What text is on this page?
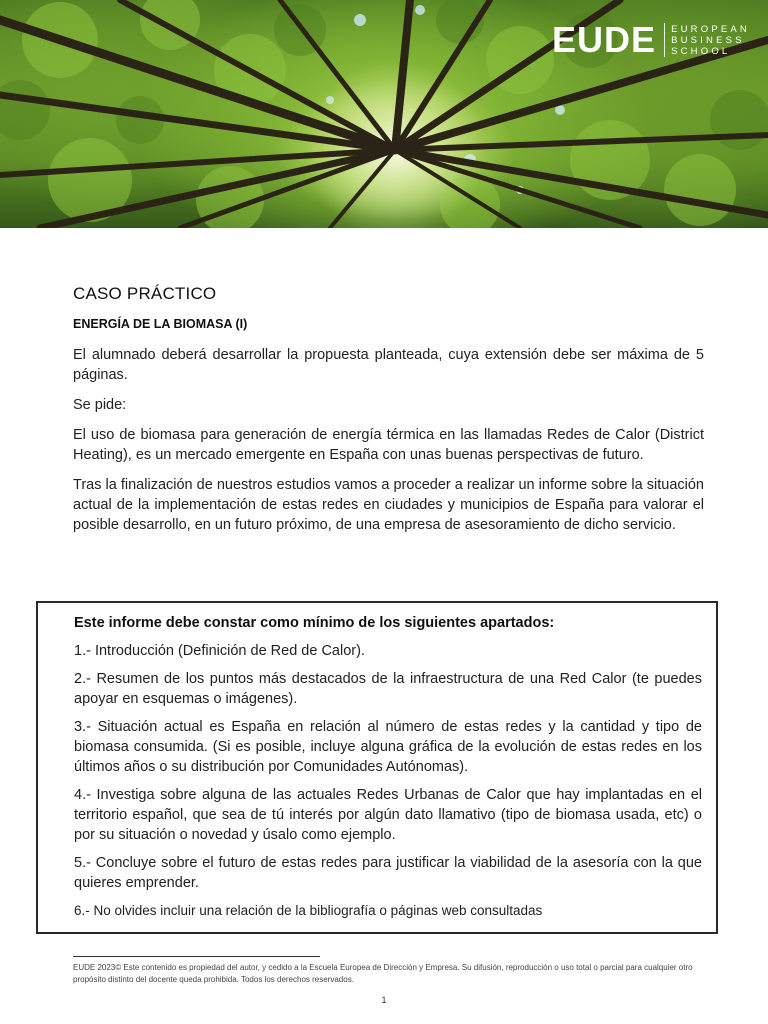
EUDE EUROPEAN
BUSINESS
SCHOOL
CASO PRÁCTICO
ENERGÍA DE LA BIOMASA (I)

El alumnado deberá desarrollar la propuesta planteada, cuya extensión debe ser máxima de 5 páginas.

Se pide:

El uso de biomasa para generación de energía térmica en las llamadas Redes de Calor (District Heating), es un mercado emergente en España con unas buenas perspectivas de futuro.

Tras la finalización de nuestros estudios vamos a proceder a realizar un informe sobre la situación actual de la implementación de estas redes en ciudades y municipios de España para valorar el posible desarrollo, en un futuro próximo, de una empresa de asesoramiento de dicho servicio.

Este informe debe constar como mínimo de los siguientes apartados:

1.- Introducción (Definición de Red de Calor).

2.- Resumen de los puntos más destacados de la infraestructura de una Red Calor (te puedes apoyar en esquemas o imágenes).

3.- Situación actual es España en relación al número de estas redes y la cantidad y tipo de biomasa consumida. (Si es posible, incluye alguna gráfica de la evolución de estas redes en los últimos años o su distribución por Comunidades Autónomas).

4.- Investiga sobre alguna de las actuales Redes Urbanas de Calor que hay implantadas en el territorio español, que sea de tú interés por algún dato llamativo (tipo de biomasa usada, etc) o por su situación o novedad y úsalo como ejemplo.

5.- Concluye sobre el futuro de estas redes para justificar la viabilidad de la asesoría con la que quieres emprender.

6.- No olvides incluir una relación de la bibliografía o páginas web consultadas

EUDE 2023© Este contenido es propiedad del autor, y cedido a la Escuela Europea de Dirección y Empresa. Su difusión, reproducción o uso total o parcial para cualquier otro propósito distinto del docente queda prohibida. Todos los derechos reservados.

1
